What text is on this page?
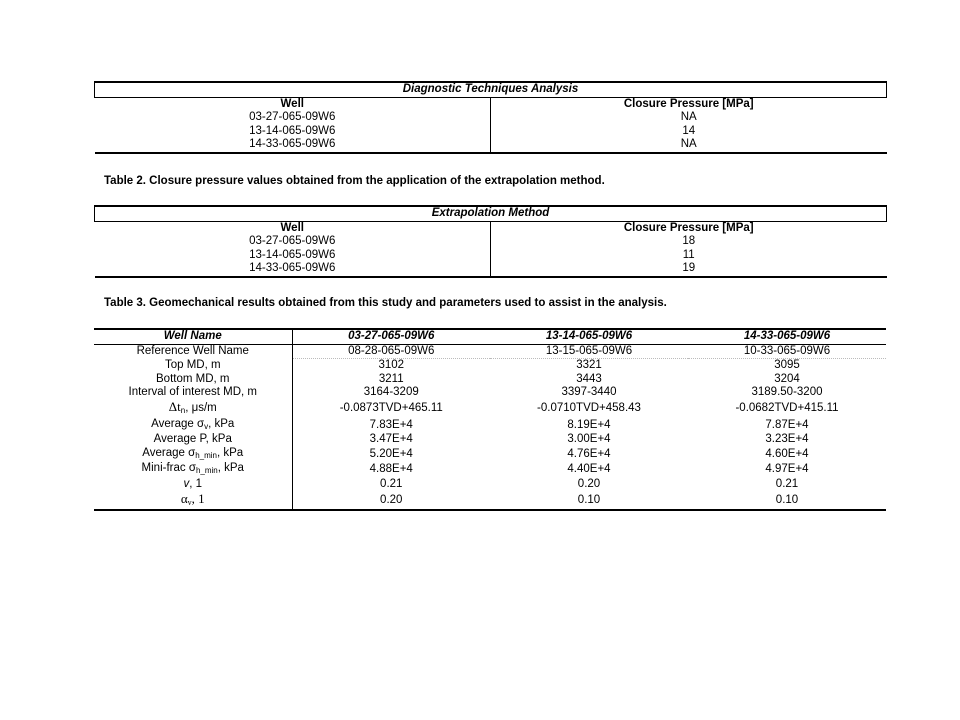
Diagnostic Techniques Analysis	
Well	Closure Pressure [MPa]
03-27-065-09W6	NA
13-14-065-09W6	14
14-33-065-09W6	NA
Table 2. Closure pressure values obtained from the application of the extrapolation method.
Extrapolation Method	
Well	Closure Pressure [MPa]
03-27-065-09W6	18
13-14-065-09W6	11
14-33-065-09W6	19
Table 3. Geomechanical results obtained from this study and parameters used to assist in the analysis.
Well Name	03-27-065-09W6	13-14-065-09W6	14-33-065-09W6
Reference Well Name	08-28-065-09W6	13-15-065-09W6	10-33-065-09W6
Top MD, m	3102	3321	3095
Bottom MD, m	3211	3443	3204
Interval of interest MD, m	3164-3209	3397-3440	3189.50-3200
$\Delta t_n$, μs/m	-0.0873TVD+465.11	-0.0710TVD+458.43	-0.0682TVD+415.11
Average $\sigma_v$, kPa	7.83E+4	8.19E+4	7.87E+4
Average P, kPa	3.47E+4	3.00E+4	3.23E+4
Average $\sigma_{h\_min}$, kPa	5.20E+4	4.76E+4	4.60E+4
Mini-frac $\sigma_{h\_min}$, kPa	4.88E+4	4.40E+4	4.97E+4
v, 1	0.21	0.20	0.21
$\alpha_v$, 1	0.20	0.10	0.10
